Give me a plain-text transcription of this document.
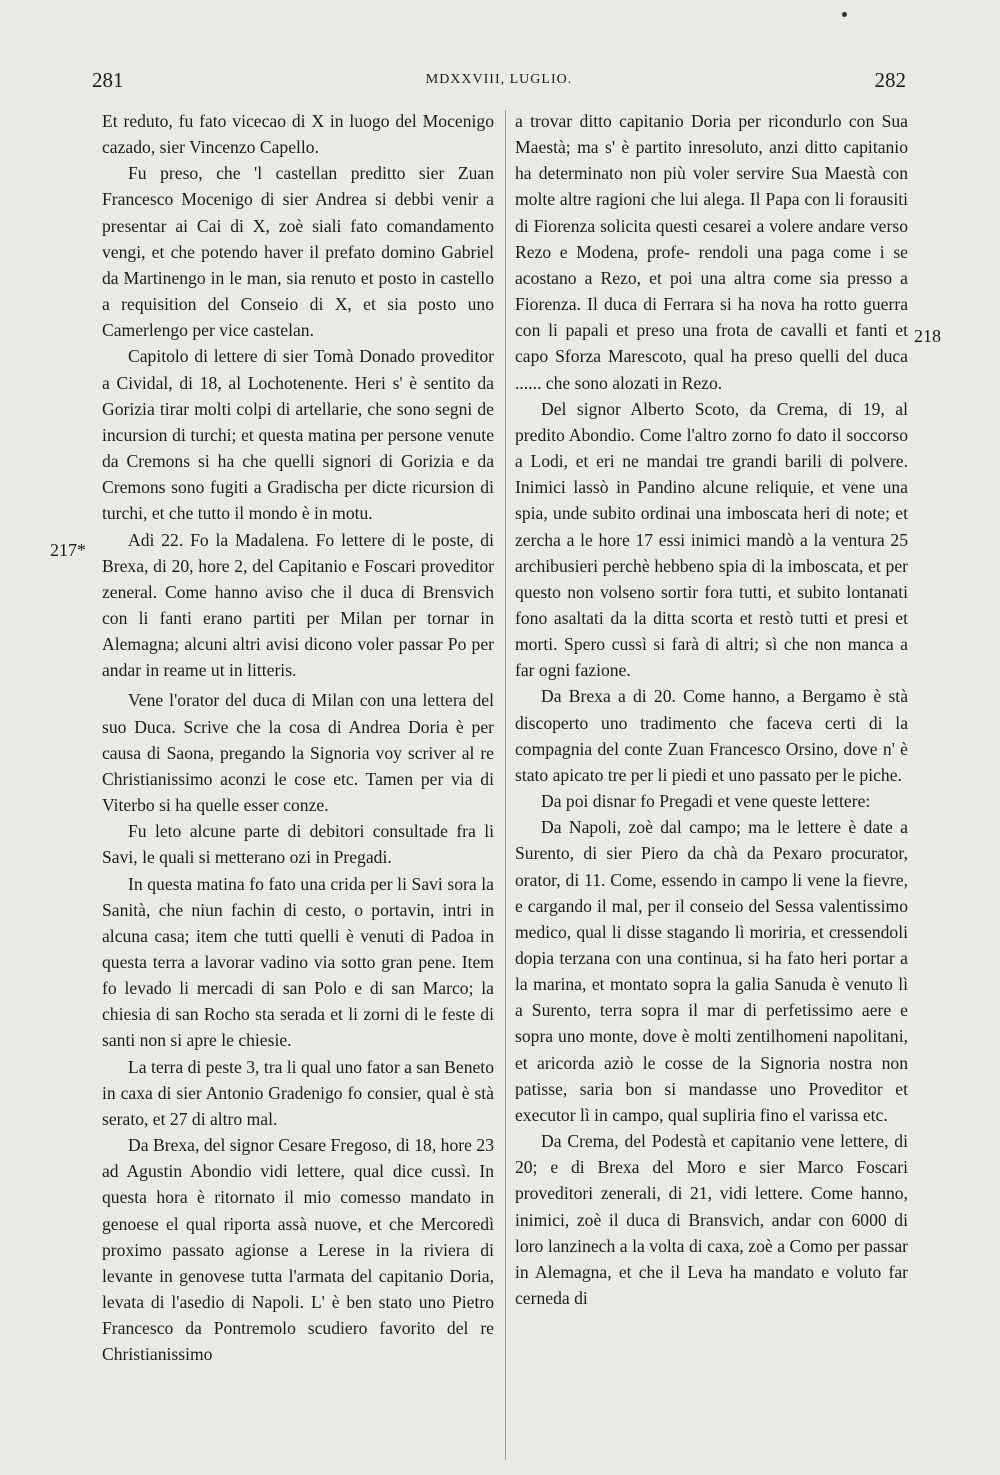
281	MDXXVIII, LUGLIO.	282
217*
218

Et reduto, fu fato vicecao di X in luogo del Mocenigo cazado, sier Vincenzo Capello.

Fu preso, che 'l castellan preditto sier Zuan Francesco Mocenigo di sier Andrea si debbi venir a presentar ai Cai di X, zoè siali fato comandamento vengi, et che potendo haver il prefato domino Gabriel da Martinengo in le man, sia renuto et posto in castello a requisition del Conseio di X, et sia posto uno Camerlengo per vice castelan.

Capitolo di lettere di sier Tomà Donado proveditor a Cividal, di 18, al Lochotenente. Heri s' è sentito da Gorizia tirar molti colpi di artellarie, che sono segni de incursion di turchi; et questa matina per persone venute da Cremons si ha che quelli signori di Gorizia e da Cremons sono fugiti a Gradischa per dicte ricursion di turchi, et che tutto il mondo è in motu.

Adi 22. Fo la Madalena. Fo lettere di le poste, di Brexa, di 20, hore 2, del Capitanio e Foscari proveditor zeneral. Come hanno aviso che il duca di Brensvich con li fanti erano partiti per Milan per tornar in Alemagna; alcuni altri avisi dicono voler passar Po per andar in reame ut in litteris.

Vene l'orator del duca di Milan con una lettera del suo Duca. Scrive che la cosa di Andrea Doria è per causa di Saona, pregando la Signoria voy scriver al re Christianissimo aconzi le cose etc. Tamen per via di Viterbo si ha quelle esser conze.

Fu leto alcune parte di debitori consultade fra li Savi, le quali si metterano ozi in Pregadi.

In questa matina fo fato una crida per li Savi sora la Sanità, che niun fachin di cesto, o portavin, intri in alcuna casa; item che tutti quelli è venuti di Padoa in questa terra a lavorar vadino via sotto gran pene. Item fo levado li mercadi di san Polo e di san Marco; la chiesia di san Rocho sta serada et li zorni di le feste di santi non si apre le chiesie.

La terra di peste 3, tra li qual uno fator a san Beneto in caxa di sier Antonio Gradenigo fo consier, qual è stà serato, et 27 di altro mal.

Da Brexa, del signor Cesare Fregoso, di 18, hore 23 ad Agustin Abondio vidi lettere, qual dice cussì. In questa hora è ritornato il mio comesso mandato in genoese el qual riporta assà nuove, et che Mercoredì proximo passato agionse a Lerese in la riviera di levante in genovese tutta l'armata del capitanio Doria, levata di l'asedio di Napoli. L' è ben stato uno Pietro Francesco da Pontremolo scudiero favorito del re Christianissimo

a trovar ditto capitanio Doria per ricondurlo con Sua Maestà; ma s' è partito inresoluto, anzi ditto capitanio ha determinato non più voler servire Sua Maestà con molte altre ragioni che lui alega. Il Papa con li forausiti di Fiorenza solicita questi cesarei a volere andare verso Rezo e Modena, profe- rendoli una paga come i se acostano a Rezo, et poi una altra come sia presso a Fiorenza. Il duca di Ferrara si ha nova ha rotto guerra con li papali et preso una frota de cavalli et fanti et capo Sforza Marescoto, qual ha preso quelli del duca ...... che sono alozati in Rezo.

Del signor Alberto Scoto, da Crema, di 19, al predito Abondio. Come l'altro zorno fo dato il soccorso a Lodi, et eri ne mandai tre grandi barili di polvere. Inimici lassò in Pandino alcune reliquie, et vene una spia, unde subito ordinai una imboscata heri di note; et zercha a le hore 17 essi inimici mandò a la ventura 25 archibusieri perchè hebbeno spia di la imboscata, et per questo non volseno sortir fora tutti, et subito lontanati fono asaltati da la ditta scorta et restò tutti et presi et morti. Spero cussì si farà di altri; sì che non manca a far ogni fazione.

Da Brexa a di 20. Come hanno, a Bergamo è stà discoperto uno tradimento che faceva certi di la compagnia del conte Zuan Francesco Orsino, dove n' è stato apicato tre per li piedi et uno passato per le piche.

Da poi disnar fo Pregadi et vene queste lettere:

Da Napoli, zoè dal campo; ma le lettere è date a Surento, di sier Piero da chà da Pexaro procurator, orator, di 11. Come, essendo in campo li vene la fievre, e cargando il mal, per il conseio del Sessa valentissimo medico, qual li disse stagando lì moriria, et cressendoli dopia terzana con una continua, si ha fato heri portar a la marina, et montato sopra la galia Sanuda è venuto lì a Surento, terra sopra il mar di perfetissimo aere e sopra uno monte, dove è molti zentilhomeni napolitani, et aricorda aziò le cosse de la Signoria nostra non patisse, saria bon si mandasse uno Proveditor et executor lì in campo, qual supliria fino el varissa etc.

Da Crema, del Podestà et capitanio vene lettere, di 20; e di Brexa del Moro e sier Marco Foscari proveditori zenerali, di 21, vidi lettere. Come hanno, inimici, zoè il duca di Bransvich, andar con 6000 di loro lanzinech a la volta di caxa, zoè a Como per passar in Alemagna, et che il Leva ha mandato e voluto far cerneda di
